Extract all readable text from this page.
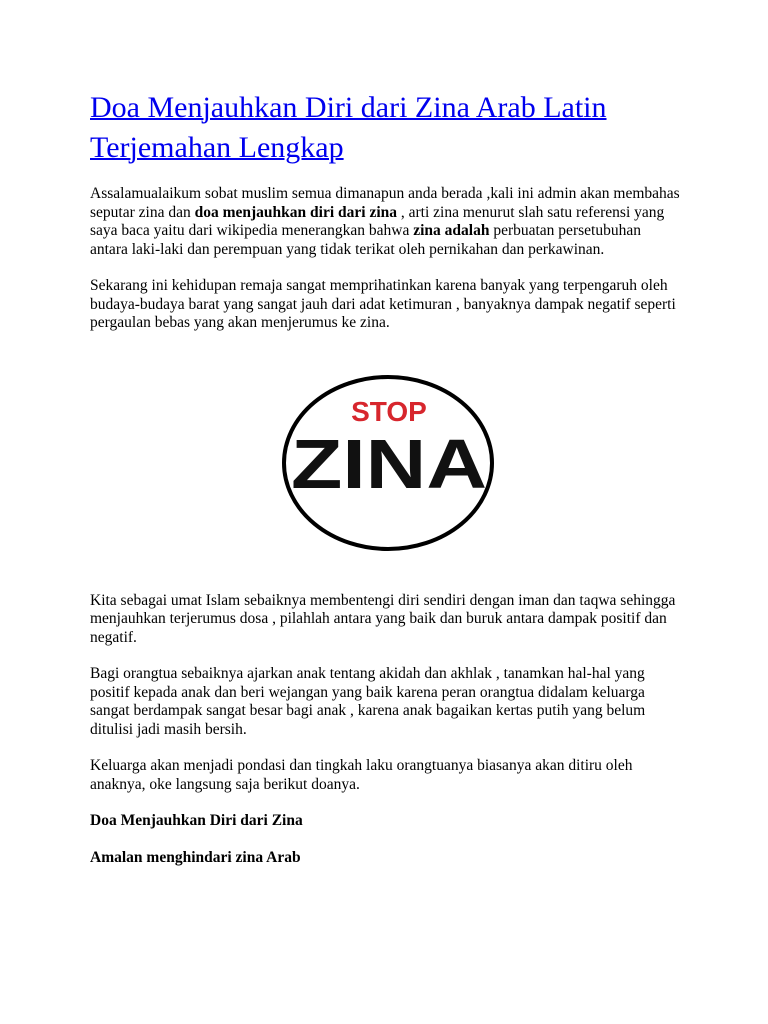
Doa Menjauhkan Diri dari Zina Arab Latin Terjemahan Lengkap

Assalamualaikum sobat muslim semua dimanapun anda berada ,kali ini admin akan membahas seputar zina dan doa menjauhkan diri dari zina , arti zina menurut slah satu referensi yang saya baca yaitu dari wikipedia menerangkan bahwa zina adalah perbuatan persetubuhan antara laki-laki dan perempuan yang tidak terikat oleh pernikahan dan perkawinan.

Sekarang ini kehidupan remaja sangat memprihatinkan karena banyak yang terpengaruh oleh budaya-budaya barat yang sangat jauh dari adat ketimuran , banyaknya dampak negatif seperti pergaulan bebas yang akan menjerumus ke zina.

STOP
ZINA

Kita sebagai umat Islam sebaiknya membentengi diri sendiri dengan iman dan taqwa sehingga menjauhkan terjerumus dosa , pilahlah antara yang baik dan buruk antara dampak positif dan negatif.

Bagi orangtua sebaiknya ajarkan anak tentang akidah dan akhlak , tanamkan hal-hal yang positif kepada anak dan beri wejangan yang baik karena peran orangtua didalam keluarga sangat berdampak sangat besar bagi anak , karena anak bagaikan kertas putih yang belum ditulisi jadi masih bersih.

Keluarga akan menjadi pondasi dan tingkah laku orangtuanya biasanya akan ditiru oleh anaknya, oke langsung saja berikut doanya.

Doa Menjauhkan Diri dari Zina

Amalan menghindari zina Arab
